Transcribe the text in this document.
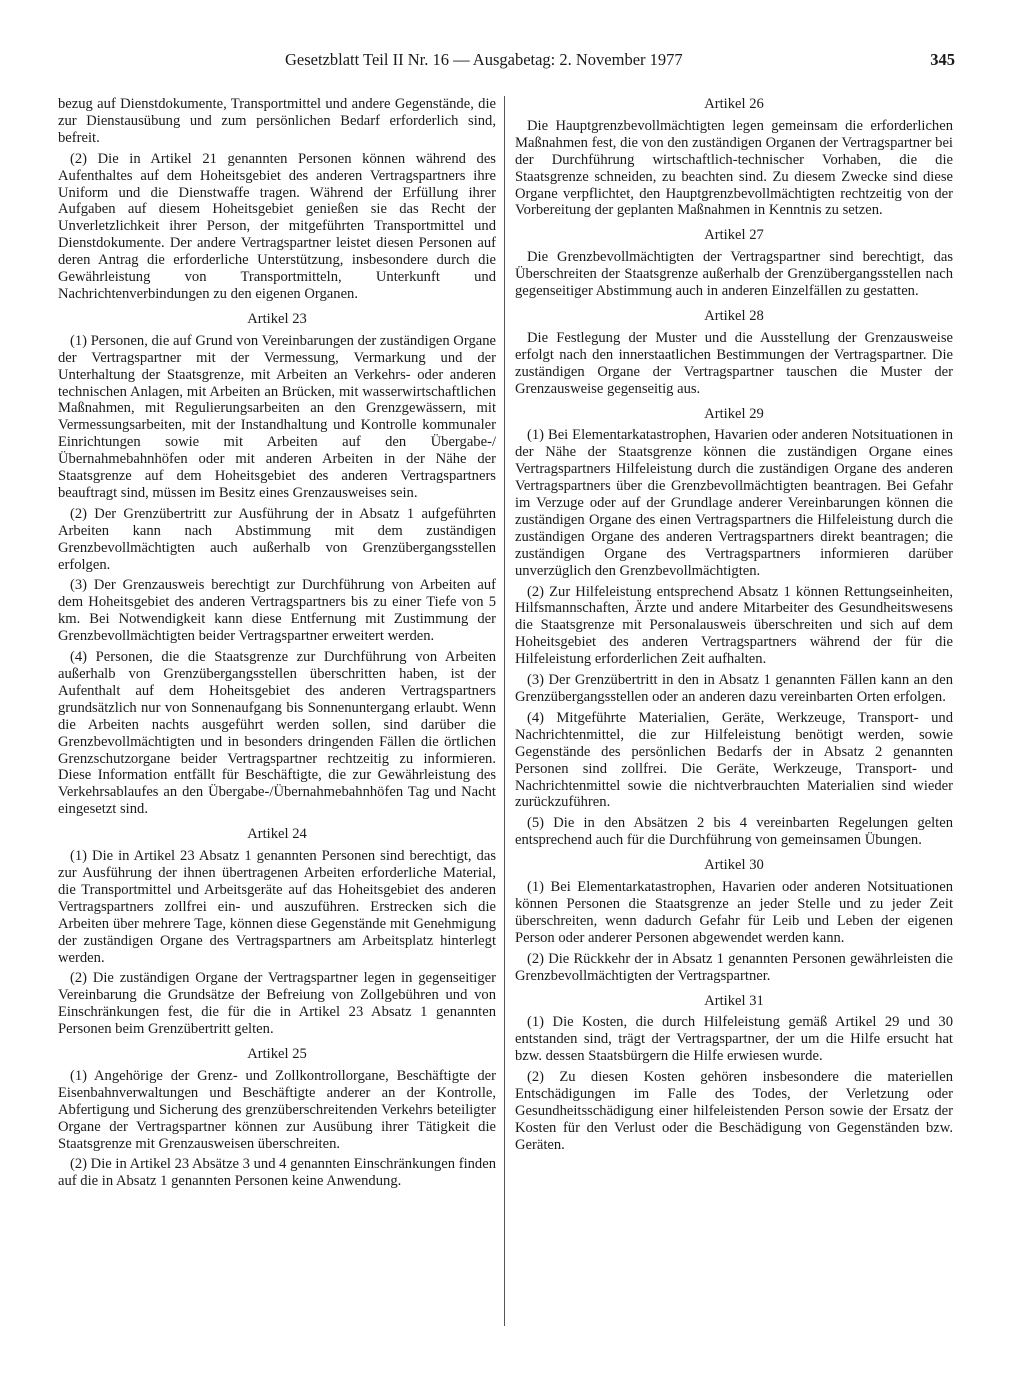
Gesetzblatt Teil II Nr. 16 — Ausgabetag: 2. November 1977	345

bezug auf Dienstdokumente, Transportmittel und andere Gegenstände, die zur Dienstausübung und zum persönlichen Bedarf erforderlich sind, befreit.

(2) Die in Artikel 21 genannten Personen können während des Aufenthaltes auf dem Hoheitsgebiet des anderen Vertragspartners ihre Uniform und die Dienstwaffe tragen. Während der Erfüllung ihrer Aufgaben auf diesem Hoheitsgebiet genießen sie das Recht der Unverletzlichkeit ihrer Person, der mitgeführten Transportmittel und Dienstdokumente. Der andere Vertragspartner leistet diesen Personen auf deren Antrag die erforderliche Unterstützung, insbesondere durch die Gewährleistung von Transportmitteln, Unterkunft und Nachrichtenverbindungen zu den eigenen Organen.

Artikel 23

(1) Personen, die auf Grund von Vereinbarungen der zuständigen Organe der Vertragspartner mit der Vermessung, Vermarkung und der Unterhaltung der Staatsgrenze, mit Arbeiten an Verkehrs- oder anderen technischen Anlagen, mit Arbeiten an Brücken, mit wasserwirtschaftlichen Maßnahmen, mit Regulierungsarbeiten an den Grenzgewässern, mit Vermessungsarbeiten, mit der Instandhaltung und Kontrolle kommunaler Einrichtungen sowie mit Arbeiten auf den Übergabe-/Übernahmebahnhöfen oder mit anderen Arbeiten in der Nähe der Staatsgrenze auf dem Hoheitsgebiet des anderen Vertragspartners beauftragt sind, müssen im Besitz eines Grenzausweises sein.

(2) Der Grenzübertritt zur Ausführung der in Absatz 1 aufgeführten Arbeiten kann nach Abstimmung mit dem zuständigen Grenzbevollmächtigten auch außerhalb von Grenzübergangsstellen erfolgen.

(3) Der Grenzausweis berechtigt zur Durchführung von Arbeiten auf dem Hoheitsgebiet des anderen Vertragspartners bis zu einer Tiefe von 5 km. Bei Notwendigkeit kann diese Entfernung mit Zustimmung der Grenzbevollmächtigten beider Vertragspartner erweitert werden.

(4) Personen, die die Staatsgrenze zur Durchführung von Arbeiten außerhalb von Grenzübergangsstellen überschritten haben, ist der Aufenthalt auf dem Hoheitsgebiet des anderen Vertragspartners grundsätzlich nur von Sonnenaufgang bis Sonnenuntergang erlaubt. Wenn die Arbeiten nachts ausgeführt werden sollen, sind darüber die Grenzbevollmächtigten und in besonders dringenden Fällen die örtlichen Grenzschutzorgane beider Vertragspartner rechtzeitig zu informieren. Diese Information entfällt für Beschäftigte, die zur Gewährleistung des Verkehrsablaufes an den Übergabe-/Übernahmebahnhöfen Tag und Nacht eingesetzt sind.

Artikel 24

(1) Die in Artikel 23 Absatz 1 genannten Personen sind berechtigt, das zur Ausführung der ihnen übertragenen Arbeiten erforderliche Material, die Transportmittel und Arbeitsgeräte auf das Hoheitsgebiet des anderen Vertragspartners zollfrei ein- und auszuführen. Erstrecken sich die Arbeiten über mehrere Tage, können diese Gegenstände mit Genehmigung der zuständigen Organe des Vertragspartners am Arbeitsplatz hinterlegt werden.

(2) Die zuständigen Organe der Vertragspartner legen in gegenseitiger Vereinbarung die Grundsätze der Befreiung von Zollgebühren und von Einschränkungen fest, die für die in Artikel 23 Absatz 1 genannten Personen beim Grenzübertritt gelten.

Artikel 25

(1) Angehörige der Grenz- und Zollkontrollorgane, Beschäftigte der Eisenbahnverwaltungen und Beschäftigte anderer an der Kontrolle, Abfertigung und Sicherung des grenzüberschreitenden Verkehrs beteiligter Organe der Vertragspartner können zur Ausübung ihrer Tätigkeit die Staatsgrenze mit Grenzausweisen überschreiten.

(2) Die in Artikel 23 Absätze 3 und 4 genannten Einschränkungen finden auf die in Absatz 1 genannten Personen keine Anwendung.

Artikel 26

Die Hauptgrenzbevollmächtigten legen gemeinsam die erforderlichen Maßnahmen fest, die von den zuständigen Organen der Vertragspartner bei der Durchführung wirtschaftlich-technischer Vorhaben, die die Staatsgrenze schneiden, zu beachten sind. Zu diesem Zwecke sind diese Organe verpflichtet, den Hauptgrenzbevollmächtigten rechtzeitig von der Vorbereitung der geplanten Maßnahmen in Kenntnis zu setzen.

Artikel 27

Die Grenzbevollmächtigten der Vertragspartner sind berechtigt, das Überschreiten der Staatsgrenze außerhalb der Grenzübergangsstellen nach gegenseitiger Abstimmung auch in anderen Einzelfällen zu gestatten.

Artikel 28

Die Festlegung der Muster und die Ausstellung der Grenzausweise erfolgt nach den innerstaatlichen Bestimmungen der Vertragspartner. Die zuständigen Organe der Vertragspartner tauschen die Muster der Grenzausweise gegenseitig aus.

Artikel 29

(1) Bei Elementarkatastrophen, Havarien oder anderen Notsituationen in der Nähe der Staatsgrenze können die zuständigen Organe eines Vertragspartners Hilfeleistung durch die zuständigen Organe des anderen Vertragspartners über die Grenzbevollmächtigten beantragen. Bei Gefahr im Verzuge oder auf der Grundlage anderer Vereinbarungen können die zuständigen Organe des einen Vertragspartners die Hilfeleistung durch die zuständigen Organe des anderen Vertragspartners direkt beantragen; die zuständigen Organe des Vertragspartners informieren darüber unverzüglich den Grenzbevollmächtigten.

(2) Zur Hilfeleistung entsprechend Absatz 1 können Rettungseinheiten, Hilfsmannschaften, Ärzte und andere Mitarbeiter des Gesundheitswesens die Staatsgrenze mit Personalausweis überschreiten und sich auf dem Hoheitsgebiet des anderen Vertragspartners während der für die Hilfeleistung erforderlichen Zeit aufhalten.

(3) Der Grenzübertritt in den in Absatz 1 genannten Fällen kann an den Grenzübergangsstellen oder an anderen dazu vereinbarten Orten erfolgen.

(4) Mitgeführte Materialien, Geräte, Werkzeuge, Transport- und Nachrichtenmittel, die zur Hilfeleistung benötigt werden, sowie Gegenstände des persönlichen Bedarfs der in Absatz 2 genannten Personen sind zollfrei. Die Geräte, Werkzeuge, Transport- und Nachrichtenmittel sowie die nichtverbrauchten Materialien sind wieder zurückzuführen.

(5) Die in den Absätzen 2 bis 4 vereinbarten Regelungen gelten entsprechend auch für die Durchführung von gemeinsamen Übungen.

Artikel 30

(1) Bei Elementarkatastrophen, Havarien oder anderen Notsituationen können Personen die Staatsgrenze an jeder Stelle und zu jeder Zeit überschreiten, wenn dadurch Gefahr für Leib und Leben der eigenen Person oder anderer Personen abgewendet werden kann.

(2) Die Rückkehr der in Absatz 1 genannten Personen gewährleisten die Grenzbevollmächtigten der Vertragspartner.

Artikel 31

(1) Die Kosten, die durch Hilfeleistung gemäß Artikel 29 und 30 entstanden sind, trägt der Vertragspartner, der um die Hilfe ersucht hat bzw. dessen Staatsbürgern die Hilfe erwiesen wurde.

(2) Zu diesen Kosten gehören insbesondere die materiellen Entschädigungen im Falle des Todes, der Verletzung oder Gesundheitsschädigung einer hilfeleistenden Person sowie der Ersatz der Kosten für den Verlust oder die Beschädigung von Gegenständen bzw. Geräten.
